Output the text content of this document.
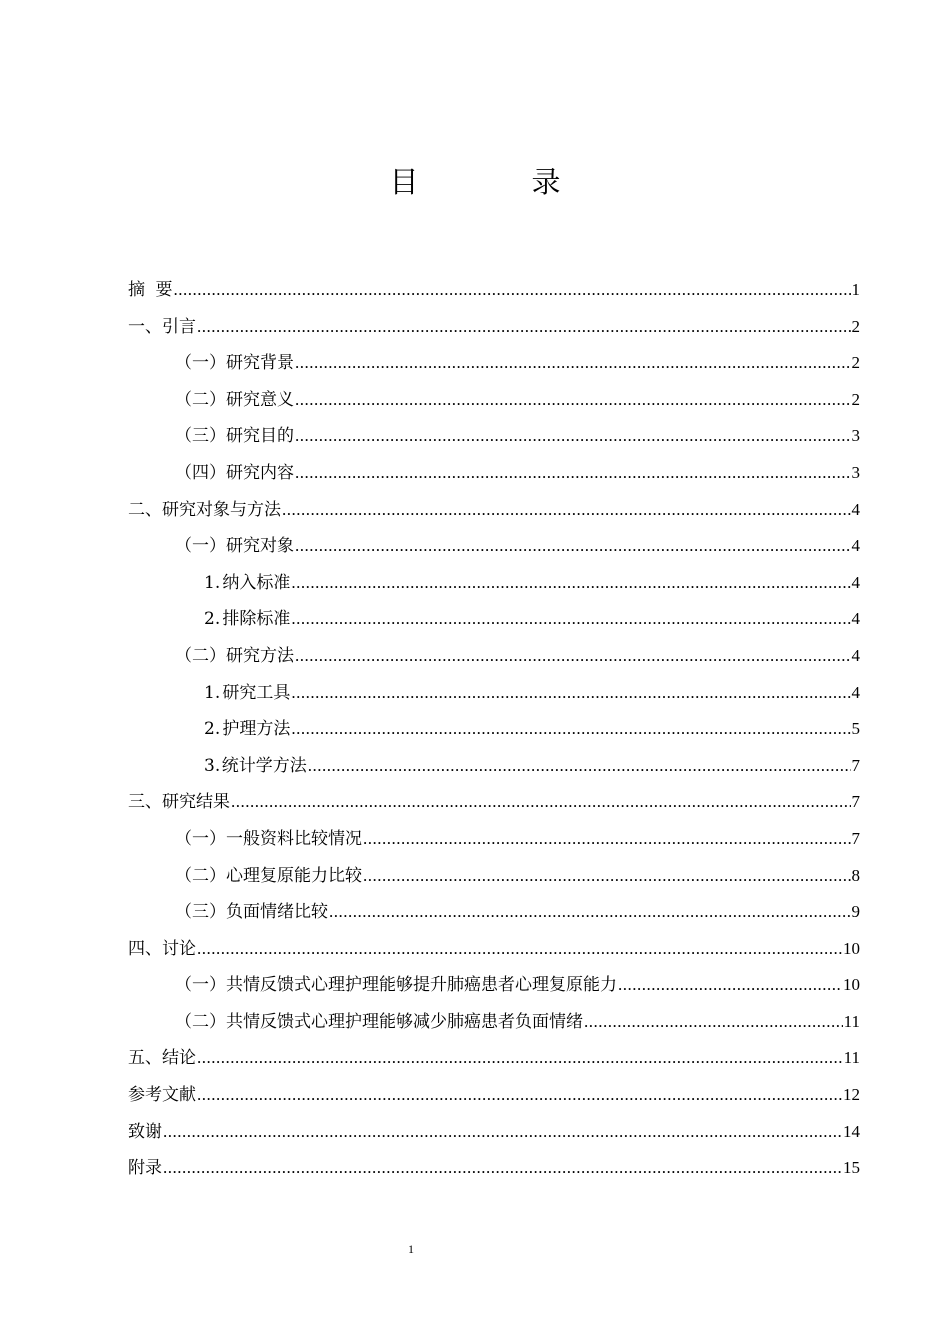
目　录
摘 要 .....	1
一、 引言 .....	2
（一） 研究背景 .....	2
（二） 研究意义 .....	2
（三） 研究目的 .....	3
（四） 研究内容 .....	3
二、 研究对象与方法 .....	4
（一） 研究对象 .....	4
1. 纳入标准 .....	4
2. 排除标准 .....	4
（二） 研究方法 .....	4
1. 研究工具 .....	4
2. 护理方法 .....	5
3. 统计学方法 .....	7
三、 研究结果 .....	7
（一） 一般资料比较情况 .....	7
（二） 心理复原能力比较 .....	8
（三） 负面情绪比较 .....	9
四、 讨论 .....	10
（一） 共情反馈式心理护理能够提升肺癌患者心理复原能力 .....	10
（二） 共情反馈式心理护理能够减少肺癌患者负面情绪 .....	11
五、 结论 .....	11
参考文献 .....	12
致谢 .....	14
附录 .....	15
1
